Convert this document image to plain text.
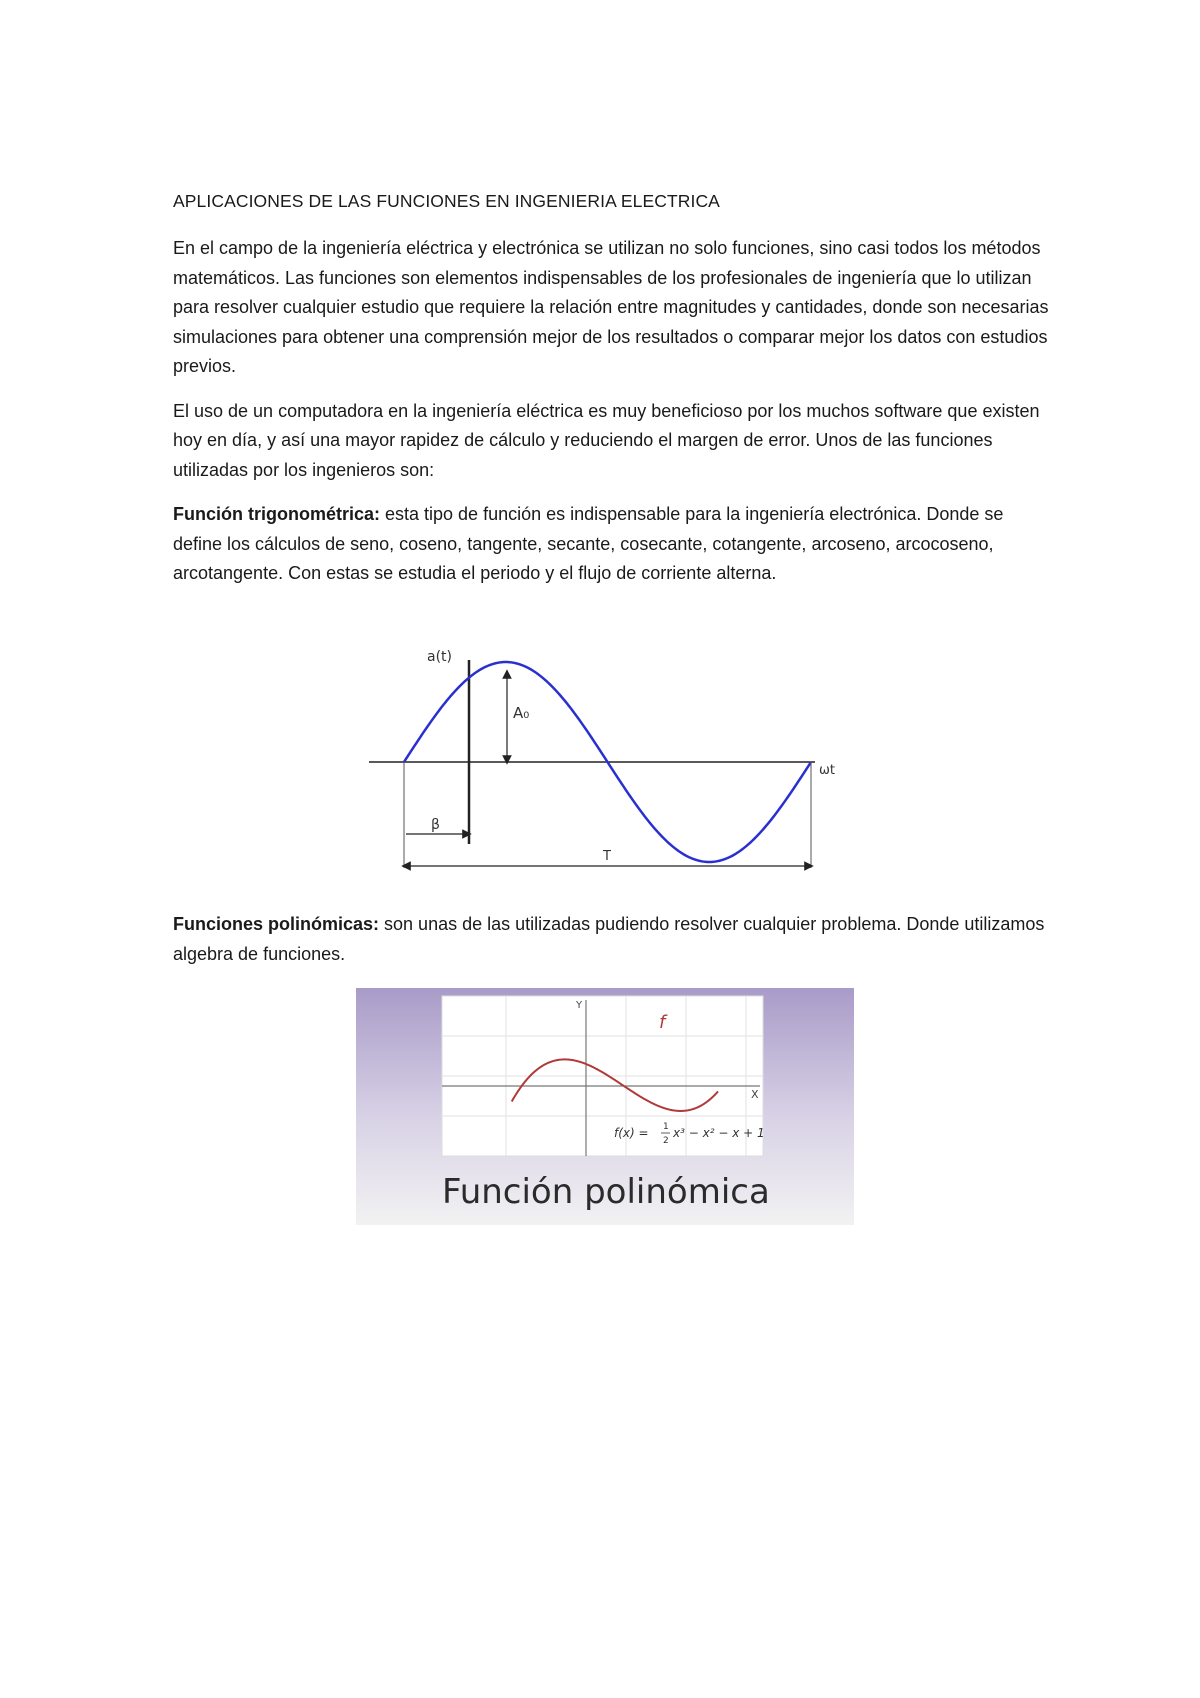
APLICACIONES DE LAS FUNCIONES EN INGENIERIA ELECTRICA

En el campo de la ingeniería eléctrica y electrónica se utilizan no solo funciones, sino casi todos los métodos matemáticos. Las funciones son elementos indispensables de los profesionales de ingeniería que lo utilizan para resolver cualquier estudio que requiere la relación entre magnitudes y cantidades, donde son necesarias simulaciones para obtener una comprensión mejor de los resultados o comparar mejor los datos con estudios previos.

El uso de un computadora en la ingeniería eléctrica es muy beneficioso por los muchos software que existen hoy en día, y así una mayor rapidez de cálculo y reduciendo el margen de error. Unos de las funciones utilizadas por los ingenieros son:

Función trigonométrica: esta tipo de función es indispensable para la ingeniería electrónica. Donde se define los cálculos de seno, coseno, tangente, secante, cosecante, cotangente, arcoseno, arcocoseno, arcotangente. Con estas se estudia el periodo y el flujo de corriente alterna.

a(t)
ωt
A₀
β
T

Funciones polinómicas: son unas de las utilizadas pudiendo resolver cualquier problema. Donde utilizamos algebra de funciones.

Y
X
f
f(x) = 1
2
x³ − x² − x + 1
Función polinómica
